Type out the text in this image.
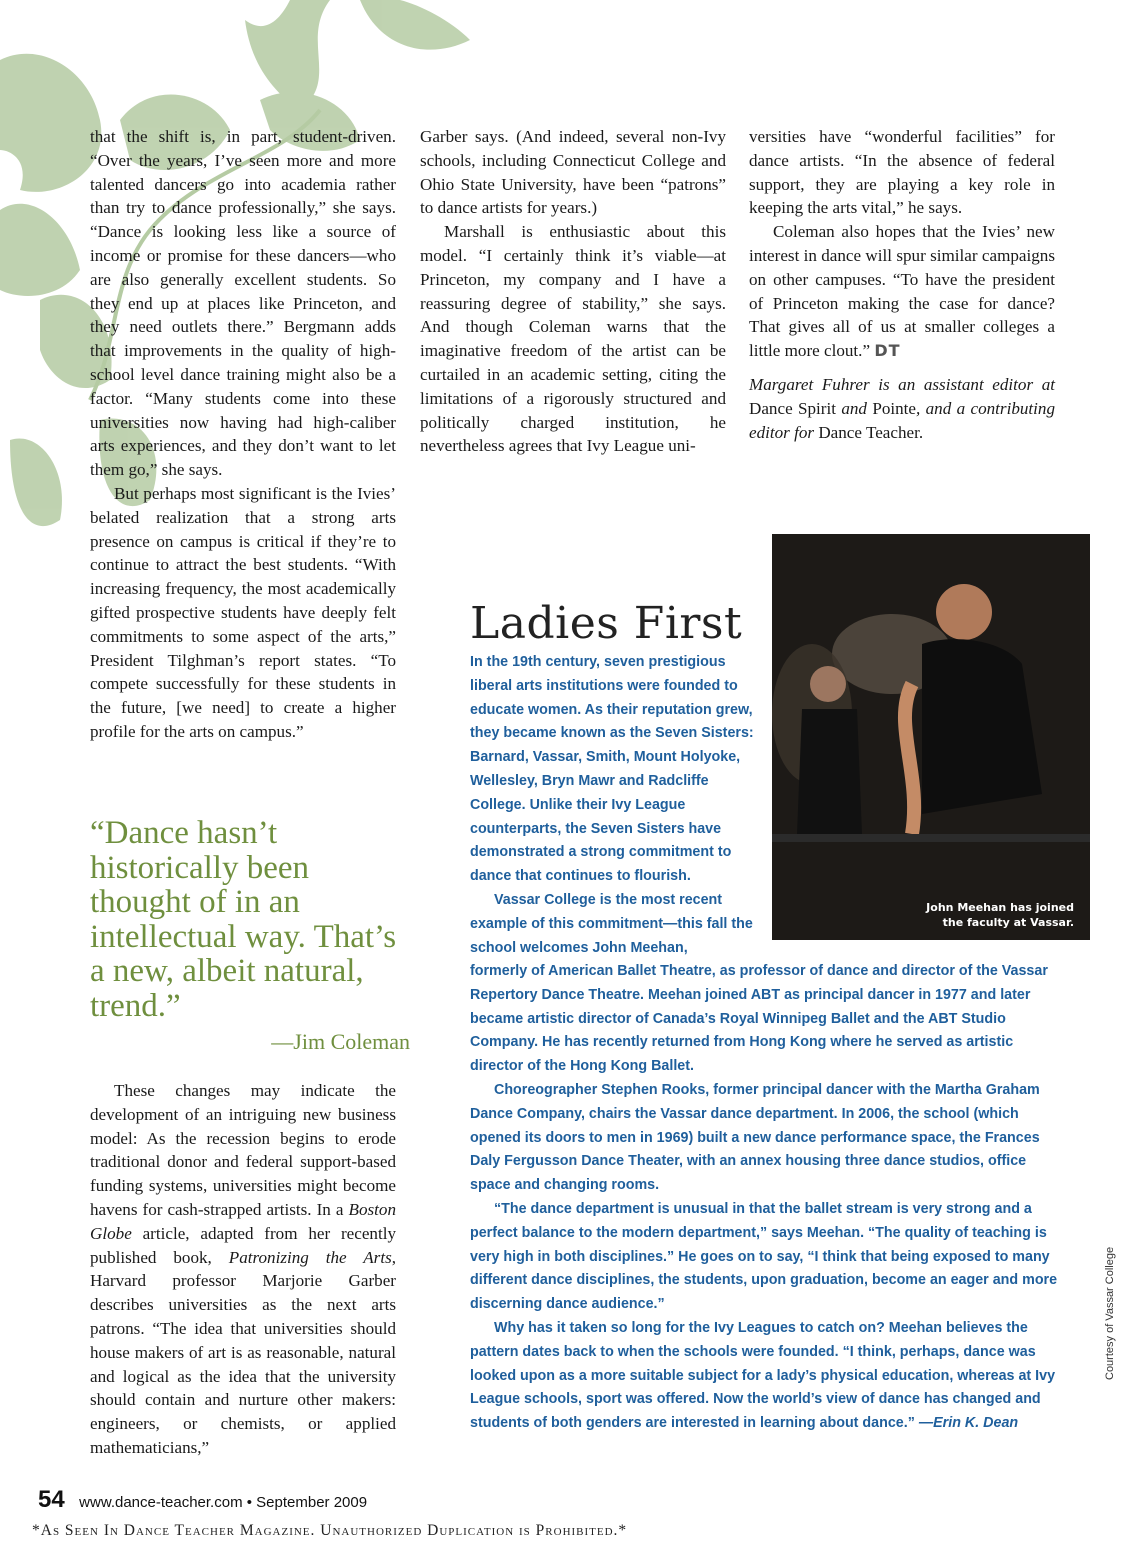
that the shift is, in part, student-driven. “Over the years, I’ve seen more and more talented dancers go into academia rather than try to dance professionally,” she says. “Dance is looking less like a source of income or promise for these dancers—who are also generally excellent students. So they end up at places like Princeton, and they need outlets there.” Bergmann adds that improvements in the quality of high-school level dance training might also be a factor. “Many students come into these universities now having had high-caliber arts experiences, and they don’t want to let them go,” she says.

But perhaps most significant is the Ivies’ belated realization that a strong arts presence on campus is critical if they’re to continue to attract the best students. “With increasing frequency, the most academically gifted prospective students have deeply felt commitments to some aspect of the arts,” President Tilghman’s report states. “To compete successfully for these students in the future, [we need] to create a higher profile for the arts on campus.”

“Dance hasn’t historically been thought of in an intellectual way. That’s a new, albeit natural, trend.”
—Jim Coleman

These changes may indicate the development of an intriguing new business model: As the recession begins to erode traditional donor and federal support-based funding systems, universities might become havens for cash-strapped artists. In a Boston Globe article, adapted from her recently published book, Patronizing the Arts, Harvard professor Marjorie Garber describes universities as the next arts patrons. “The idea that universities should house makers of art is as reasonable, natural and logical as the idea that the university should contain and nurture other makers: engineers, or chemists, or applied mathematicians,”

Garber says. (And indeed, several non-Ivy schools, including Connecticut College and Ohio State University, have been “patrons” to dance artists for years.)

Marshall is enthusiastic about this model. “I certainly think it’s viable—at Princeton, my company and I have a reassuring degree of stability,” she says. And though Coleman warns that the imaginative freedom of the artist can be curtailed in an academic setting, citing the limitations of a rigorously structured and politically charged institution, he nevertheless agrees that Ivy League uni-

versities have “wonderful facilities” for dance artists. “In the absence of federal support, they are playing a key role in keeping the arts vital,” he says.

Coleman also hopes that the Ivies’ new interest in dance will spur similar campaigns on other campuses. “To have the president of Princeton making the case for dance? That gives all of us at smaller colleges a little more clout.” DT

Margaret Fuhrer is an assistant editor at Dance Spirit and Pointe, and a contributing editor for Dance Teacher.

John Meehan has joined
the faculty at Vassar.
Ladies First

In the 19th century, seven prestigious liberal arts institutions were founded to educate women. As their reputation grew, they became known as the Seven Sisters: Barnard, Vassar, Smith, Mount Holyoke, Wellesley, Bryn Mawr and Radcliffe College. Unlike their Ivy League counterparts, the Seven Sisters have demonstrated a strong commitment to dance that continues to flourish.

Vassar College is the most recent example of this commitment—this fall the school welcomes John Meehan,

formerly of American Ballet Theatre, as professor of dance and director of the Vassar Repertory Dance Theatre. Meehan joined ABT as principal dancer in 1977 and later became artistic director of Canada’s Royal Winnipeg Ballet and the ABT Studio Company. He has recently returned from Hong Kong where he served as artistic director of the Hong Kong Ballet.

Choreographer Stephen Rooks, former principal dancer with the Martha Graham Dance Company, chairs the Vassar dance department. In 2006, the school (which opened its doors to men in 1969) built a new dance performance space, the Frances Daly Fergusson Dance Theater, with an annex housing three dance studios, office space and changing rooms.

“The dance department is unusual in that the ballet stream is very strong and a perfect balance to the modern department,” says Meehan. “The quality of teaching is very high in both disciplines.” He goes on to say, “I think that being exposed to many different dance disciplines, the students, upon graduation, become an eager and more discerning dance audience.”

Why has it taken so long for the Ivy Leagues to catch on? Meehan believes the pattern dates back to when the schools were founded. “I think, perhaps, dance was looked upon as a more suitable subject for a lady’s physical education, whereas at Ivy League schools, sport was offered. Now the world’s view of dance has changed and students of both genders are interested in learning about dance.” —Erin K. Dean

Courtesy of Vassar College
54 www.dance-teacher.com • September 2009
*As Seen In Dance Teacher Magazine. Unauthorized Duplication is Prohibited.*
